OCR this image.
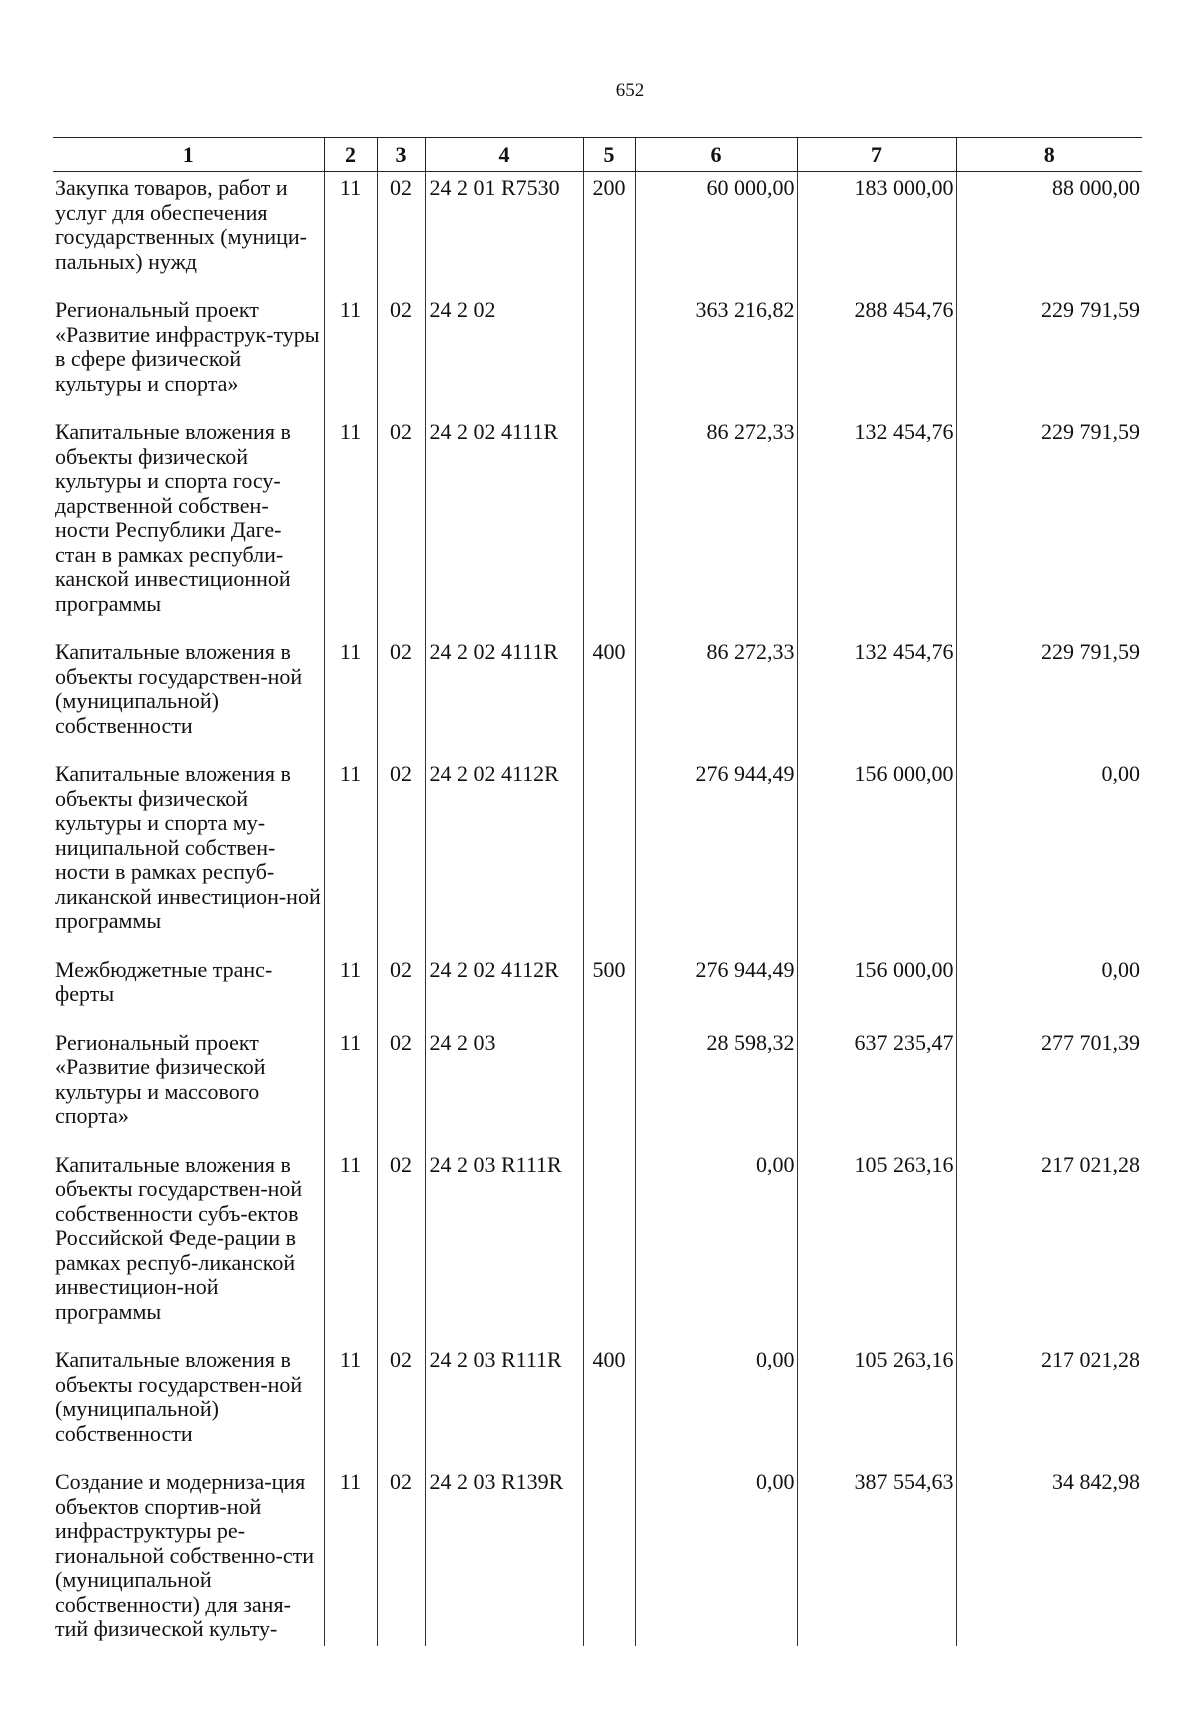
652
1	2	3	4	5	6	7	8
Закупка товаров, работ и услуг для обеспечения государственных (муници-пальных) нужд	11	02	24 2 01 R7530	200	60 000,00	183 000,00	88 000,00
Региональный проект «Развитие инфраструк-туры в сфере физической культуры и спорта»	11	02	24 2 02		363 216,82	288 454,76	229 791,59
Капитальные вложения в объекты физической культуры и спорта госу-дарственной собствен-ности Республики Даге-стан в рамках республи-канской инвестиционной программы	11	02	24 2 02 4111R		86 272,33	132 454,76	229 791,59
Капитальные вложения в объекты государствен-ной (муниципальной) собственности	11	02	24 2 02 4111R	400	86 272,33	132 454,76	229 791,59
Капитальные вложения в объекты физической культуры и спорта му-ниципальной собствен-ности в рамках респуб-ликанской инвестицион-ной программы	11	02	24 2 02 4112R		276 944,49	156 000,00	0,00
Межбюджетные транс-ферты	11	02	24 2 02 4112R	500	276 944,49	156 000,00	0,00
Региональный проект «Развитие физической культуры и массового спорта»	11	02	24 2 03		28 598,32	637 235,47	277 701,39
Капитальные вложения в объекты государствен-ной собственности субъ-ектов Российской Феде-рации в рамках респуб-ликанской инвестицион-ной программы	11	02	24 2 03 R111R		0,00	105 263,16	217 021,28
Капитальные вложения в объекты государствен-ной (муниципальной) собственности	11	02	24 2 03 R111R	400	0,00	105 263,16	217 021,28
Создание и модерниза-ция объектов спортив-ной инфраструктуры ре-гиональной собственно-сти (муниципальной собственности) для заня-тий физической культу-	11	02	24 2 03 R139R		0,00	387 554,63	34 842,98
